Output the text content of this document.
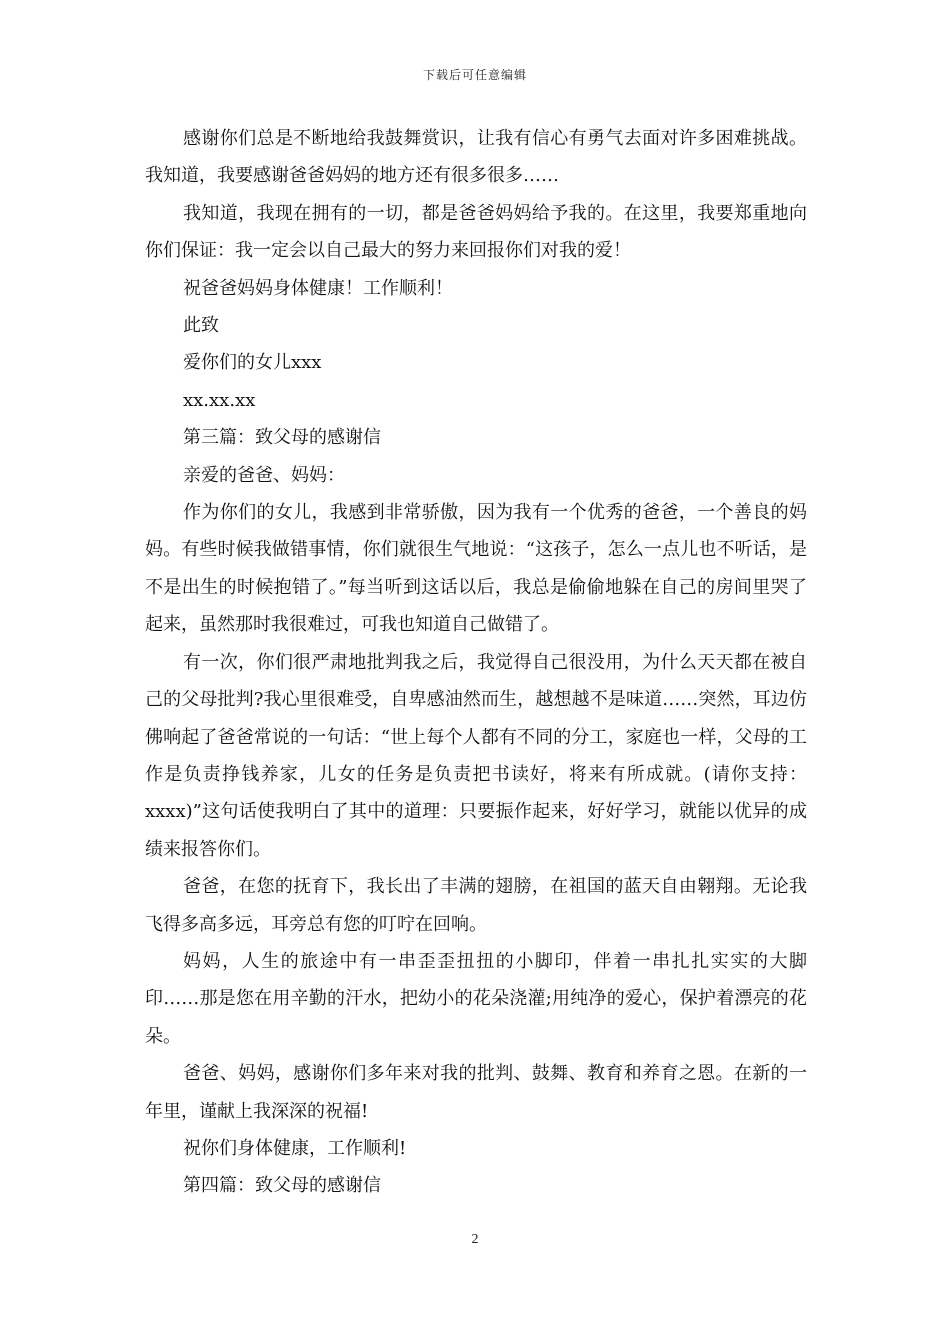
下载后可任意编辑

感谢你们总是不断地给我鼓舞赏识，让我有信心有勇气去面对许多困难挑战。我知道，我要感谢爸爸妈妈的地方还有很多很多……

我知道，我现在拥有的一切，都是爸爸妈妈给予我的。在这里，我要郑重地向你们保证：我一定会以自己最大的努力来回报你们对我的爱！

祝爸爸妈妈身体健康！工作顺利！

此致

爱你们的女儿xxx

xx.xx.xx

第三篇：致父母的感谢信

亲爱的爸爸、妈妈：

作为你们的女儿，我感到非常骄傲，因为我有一个优秀的爸爸，一个善良的妈妈。有些时候我做错事情，你们就很生气地说：“这孩子，怎么一点儿也不听话，是不是出生的时候抱错了。”每当听到这话以后，我总是偷偷地躲在自己的房间里哭了起来，虽然那时我很难过，可我也知道自己做错了。

有一次，你们很严肃地批判我之后，我觉得自己很没用，为什么天天都在被自己的父母批判?我心里很难受，自卑感油然而生，越想越不是味道……突然，耳边仿佛响起了爸爸常说的一句话：“世上每个人都有不同的分工，家庭也一样，父母的工作是负责挣钱养家，儿女的任务是负责把书读好，将来有所成就。(请你支持：xxxx)”这句话使我明白了其中的道理：只要振作起来，好好学习，就能以优异的成绩来报答你们。

爸爸，在您的抚育下，我长出了丰满的翅膀，在祖国的蓝天自由翱翔。无论我飞得多高多远，耳旁总有您的叮咛在回响。

妈妈，人生的旅途中有一串歪歪扭扭的小脚印，伴着一串扎扎实实的大脚印……那是您在用辛勤的汗水，把幼小的花朵浇灌;用纯净的爱心，保护着漂亮的花朵。

爸爸、妈妈，感谢你们多年来对我的批判、鼓舞、教育和养育之恩。在新的一年里，谨献上我深深的祝福!

祝你们身体健康，工作顺利!

第四篇：致父母的感谢信

2
